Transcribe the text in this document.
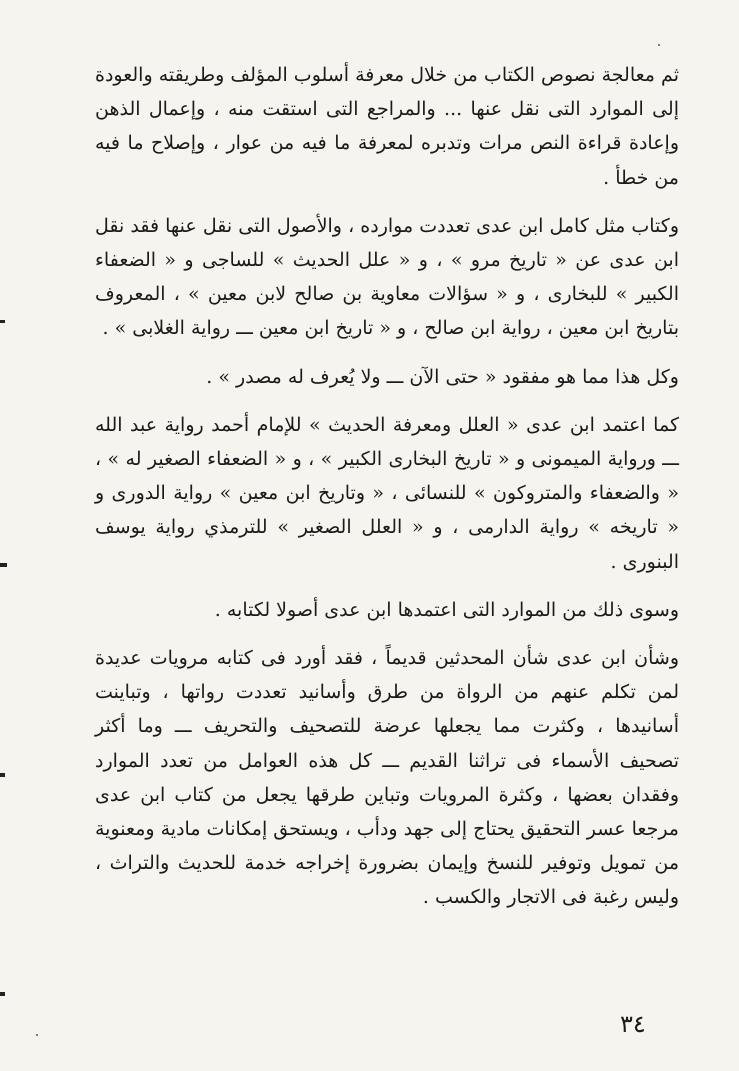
ثم معالجة نصوص الكتاب من خلال معرفة أسلوب المؤلف وطريقته والعودة إلى الموارد التى نقل عنها ... والمراجع التى استقت منه ، وإعمال الذهن وإعادة قراءة النص مرات وتدبره لمعرفة ما فيه من عوار ، وإصلاح ما فيه من خطأ .

وكتاب مثل كامل ابن عدى تعددت موارده ، والأصول التى نقل عنها فقد نقل ابن عدى عن « تاريخ مرو » ، و « علل الحديث » للساجى و « الضعفاء الكبير » للبخارى ، و « سؤالات معاوية بن صالح لابن معين » ، المعروف بتاريخ ابن معين ، رواية ابن صالح ، و « تاريخ ابن معين ـــ رواية الغلابى » .

وكل هذا مما هو مفقود « حتى الآن ـــ ولا يُعرف له مصدر » .

كما اعتمد ابن عدى « العلل ومعرفة الحديث » للإمام أحمد رواية عبد الله ـــ ورواية الميمونى و « تاريخ البخارى الكبير » ، و « الضعفاء الصغير له » ، « والضعفاء والمتروكون » للنسائى ، « وتاريخ ابن معين » رواية الدورى و « تاريخه » رواية الدارمى ، و « العلل الصغير » للترمذي رواية يوسف البنورى .

وسوى ذلك من الموارد التى اعتمدها ابن عدى أصولا لكتابه .

وشأن ابن عدى شأن المحدثين قديماً ، فقد أورد فى كتابه مرويات عديدة لمن تكلم عنهم من الرواة من طرق وأسانيد تعددت رواتها ، وتباينت أسانيدها ، وكثرت مما يجعلها عرضة للتصحيف والتحريف ـــ وما أكثر تصحيف الأسماء فى تراثنا القديم ـــ كل هذه العوامل من تعدد الموارد وفقدان بعضها ، وكثرة المرويات وتباين طرقها يجعل من كتاب ابن عدى مرجعا عسر التحقيق يحتاج إلى جهد ودأب ، ويستحق إمكانات مادية ومعنوية من تمويل وتوفير للنسخ وإيمان بضرورة إخراجه خدمة للحديث والتراث ، وليس رغبة فى الاتجار والكسب .

٣٤
